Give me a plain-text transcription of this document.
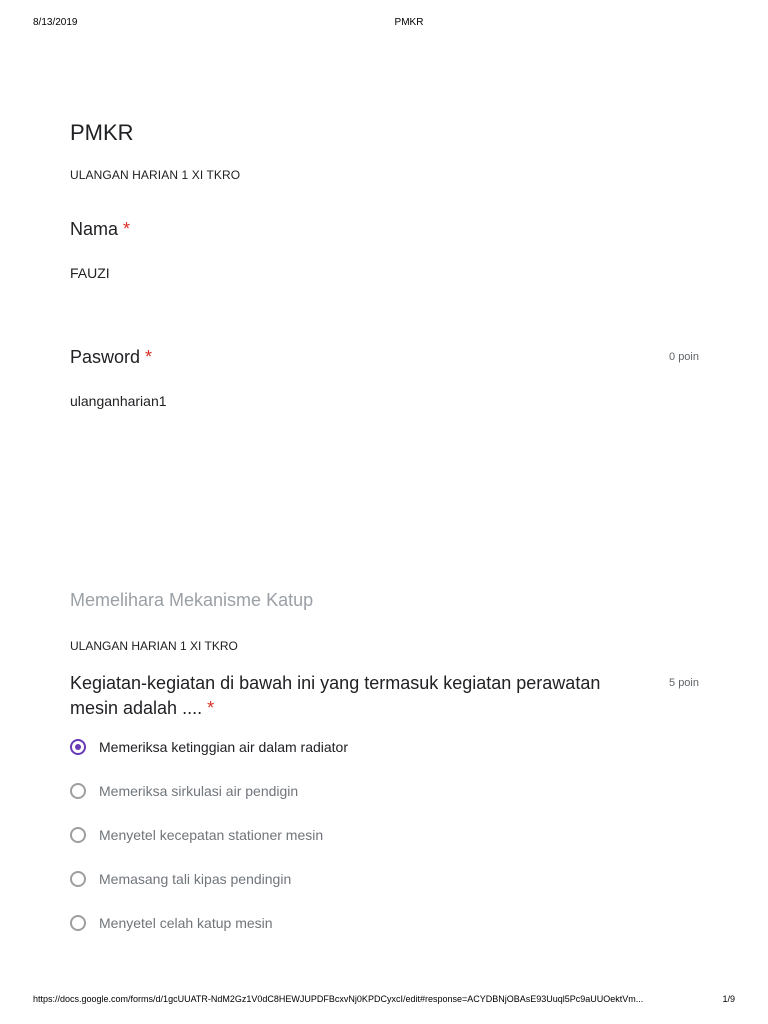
8/13/2019	PMKR
PMKR
ULANGAN HARIAN 1 XI TKRO
Nama *
FAUZI
Pasword *	0 poin
ulanganharian1
Memelihara Mekanisme Katup
ULANGAN HARIAN 1 XI TKRO
Kegiatan-kegiatan di bawah ini yang termasuk kegiatan perawatan mesin adalah .... *
5 poin
Memeriksa ketinggian air dalam radiator
Memeriksa sirkulasi air pendigin
Menyetel kecepatan stationer mesin
Memasang tali kipas pendingin
Menyetel celah katup mesin
https://docs.google.com/forms/d/1gcUUATR-NdM2Gz1V0dC8HEWJUPDFBcxvNj0KPDCyxcI/edit#response=ACYDBNjOBAsE93Uuql5Pc9aUUOektVm...	1/9
